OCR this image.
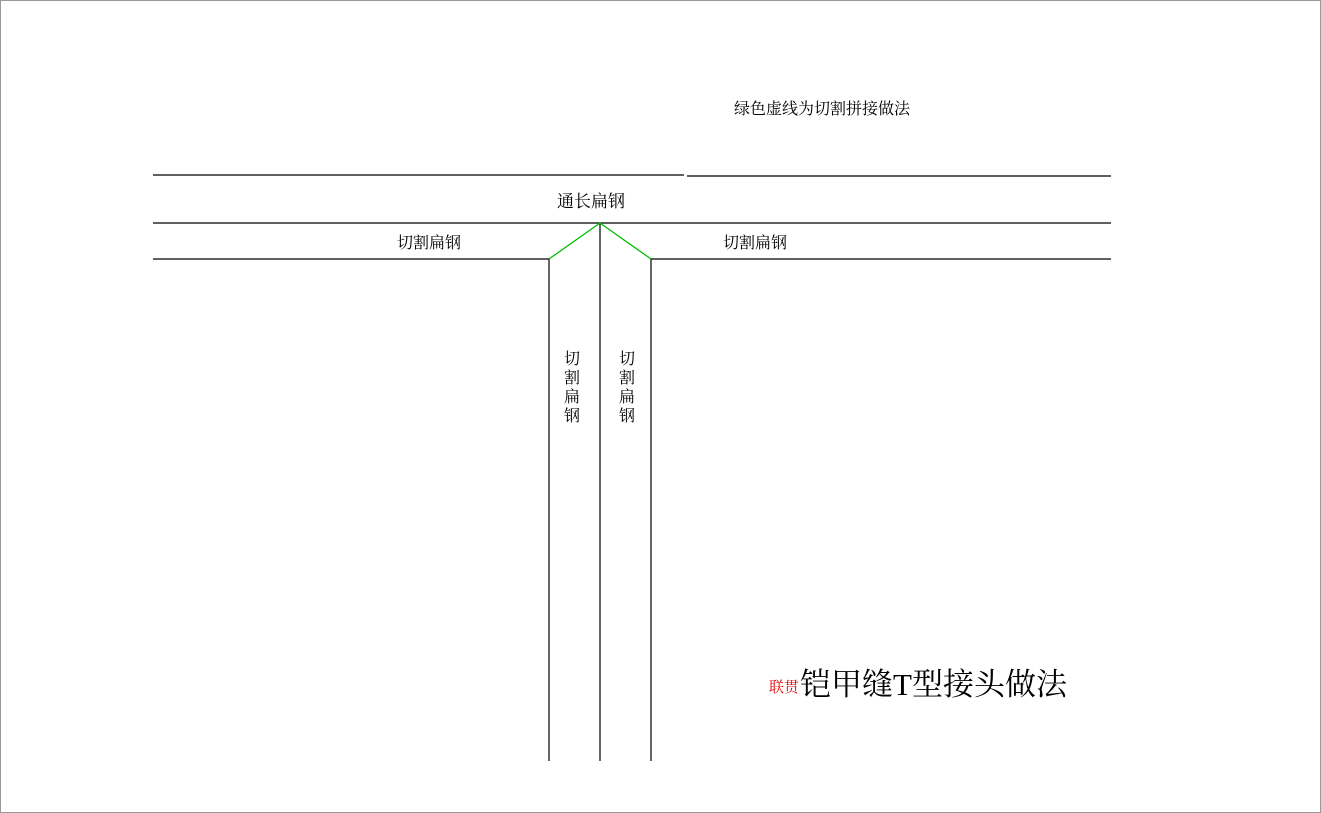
绿色虚线为切割拼接做法
通长扁钢
切割扁钢	切割扁钢
切割扁钢
切割扁钢
联贯 铠甲缝T型接头做法
